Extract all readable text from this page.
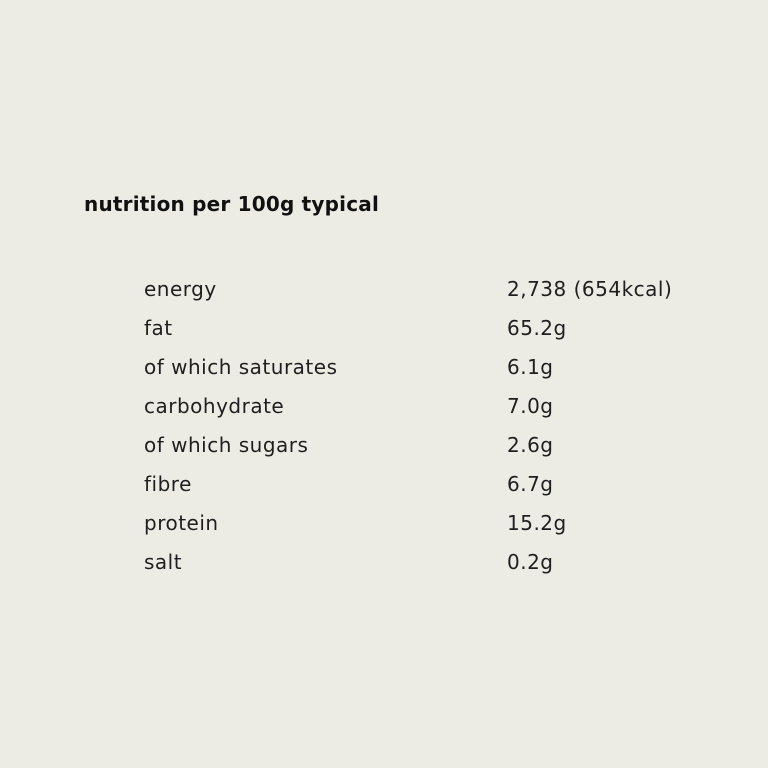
nutrition per 100g typical
energy	2,738 (654kcal)
fat	65.2g
of which saturates	6.1g
carbohydrate	7.0g
of which sugars	2.6g
fibre	6.7g
protein	15.2g
salt	0.2g
